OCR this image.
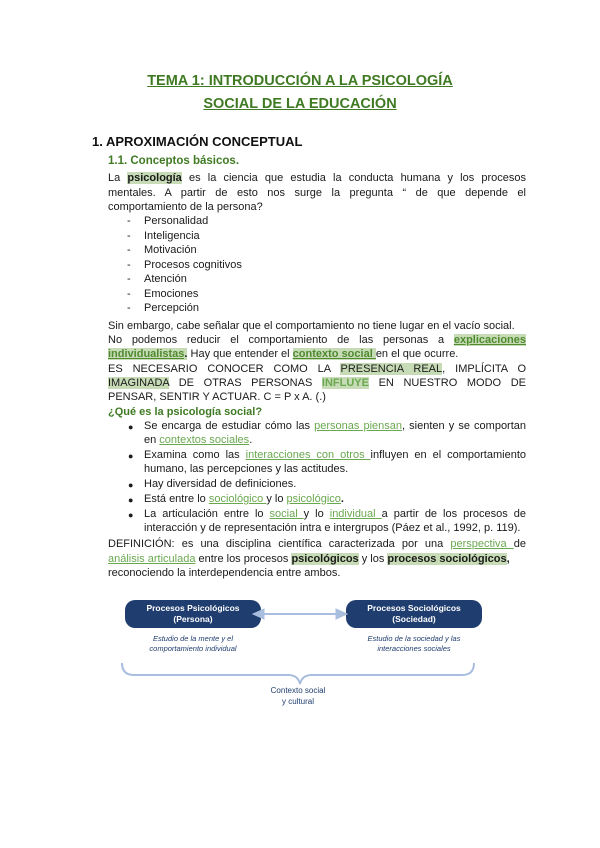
TEMA 1: INTRODUCCIÓN A LA PSICOLOGÍA
SOCIAL DE LA EDUCACIÓN
1. APROXIMACIÓN CONCEPTUAL
1.1. Conceptos básicos.
La psicología es la ciencia que estudia la conducta humana y los procesos
mentales. A partir de esto nos surge la pregunta “ de que depende el
comportamiento de la persona?
- Personalidad
- Inteligencia
- Motivación
- Procesos cognitivos
- Atención
- Emociones
- Percepción
Sin embargo, cabe señalar que el comportamiento no tiene lugar en el vacío social.
No podemos reducir el comportamiento de las personas a explicaciones
individualistas. Hay que entender el contexto social en el que ocurre.
ES NECESARIO CONOCER COMO LA PRESENCIA REAL, IMPLÍCITA O
IMAGINADA DE OTRAS PERSONAS INFLUYE EN NUESTRO MODO DE
PENSAR, SENTIR Y ACTUAR. C = P x A. (.)
¿Qué es la psicología social?
● Se encarga de estudiar cómo las personas piensan, sienten y se comportan
en contextos sociales.
● Examina como las interacciones con otros influyen en el comportamiento
humano, las percepciones y las actitudes.
● Hay diversidad de definiciones.
● Está entre lo sociológico y lo psicológico.
● La articulación entre lo social y lo individual a partir de los procesos de
interacción y de representación intra e intergrupos (Páez et al., 1992, p. 119).
DEFINICIÓN: es una disciplina científica caracterizada por una perspectiva de
análisis articulada entre los procesos psicológicos y los procesos sociológicos,
reconociendo la interdependencia entre ambos.
Procesos Psicológicos
(Persona)
Procesos Sociológicos
(Sociedad)
Estudio de la mente y el
comportamiento individual
Estudio de la sociedad y las
interacciones sociales
Contexto social
y cultural
